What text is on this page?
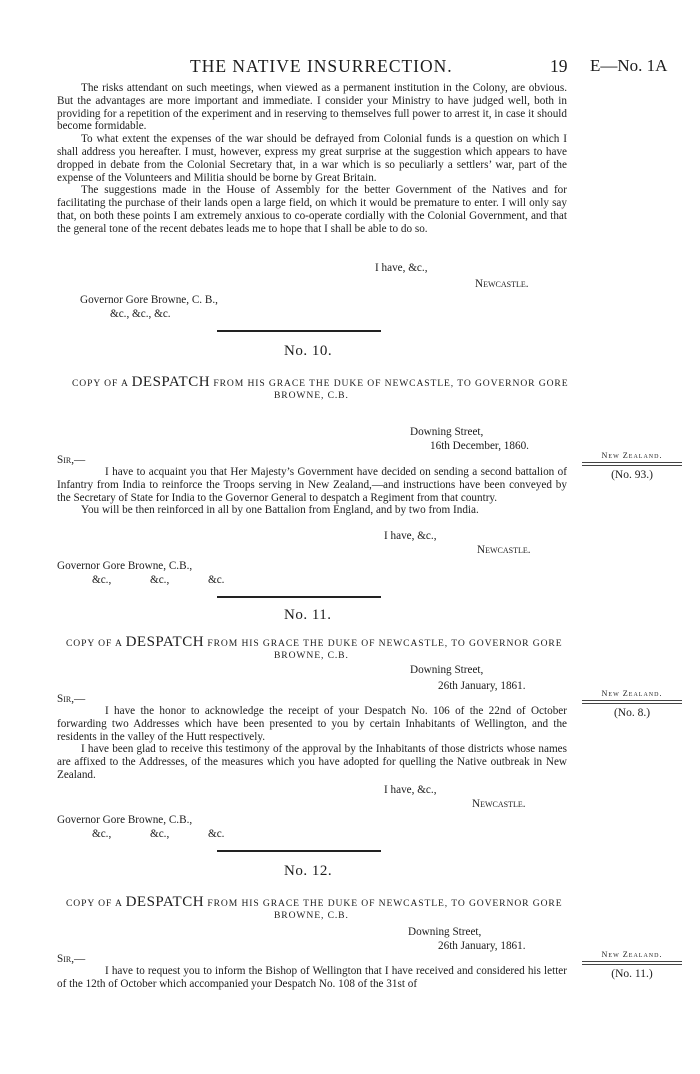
THE NATIVE INSURRECTION.	19 E—No. 1A

The risks attendant on such meetings, when viewed as a permanent institution in the Colony, are obvious. But the advantages are more important and immediate. I consider your Ministry to have judged well, both in providing for a repetition of the experiment and in reserving to themselves full power to arrest it, in case it should become formidable.

To what extent the expenses of the war should be defrayed from Colonial funds is a question on which I shall address you hereafter. I must, however, express my great surprise at the suggestion which appears to have dropped in debate from the Colonial Secretary that, in a war which is so peculiarly a settlers’ war, part of the expense of the Volunteers and Militia should be borne by Great Britain.

The suggestions made in the House of Assembly for the better Government of the Natives and for facilitating the purchase of their lands open a large field, on which it would be premature to enter. I will only say that, on both these points I am extremely anxious to co-operate cordially with the Colonial Government, and that the general tone of the recent debates leads me to hope that I shall be able to do so.

I have, &c.,
Newcastle.
Governor Gore Browne, C. B.,
&c., &c., &c.
No. 10.
COPY OF A DESPATCH FROM HIS GRACE THE DUKE OF NEWCASTLE, TO GOVERNOR GORE
BROWNE, C.B.
Downing Street,
16th December, 1860.
Sir,—	New Zealand.
(No. 93.)

I have to acquaint you that Her Majesty’s Government have decided on sending a second battalion of Infantry from India to reinforce the Troops serving in New Zealand,—and instructions have been conveyed by the Secretary of State for India to the Governor General to despatch a Regiment from that country.

You will be then reinforced in all by one Battalion from England, and by two from India.

I have, &c.,
Newcastle.
Governor Gore Browne, C.B.,
&c.,	&c.,	&c.
No. 11.
COPY OF A DESPATCH FROM HIS GRACE THE DUKE OF NEWCASTLE, TO GOVERNOR GORE
BROWNE, C.B.
Downing Street,
26th January, 1861.
Sir,—	New Zealand.
(No. 8.)

I have the honor to acknowledge the receipt of your Despatch No. 106 of the 22nd of October forwarding two Addresses which have been presented to you by certain Inhabitants of Wellington, and the residents in the valley of the Hutt respectively.

I have been glad to receive this testimony of the approval by the Inhabitants of those districts whose names are affixed to the Addresses, of the measures which you have adopted for quelling the Native outbreak in New Zealand.

I have, &c.,
Newcastle.
Governor Gore Browne, C.B.,
&c.,	&c.,	&c.
No. 12.
COPY OF A DESPATCH FROM HIS GRACE THE DUKE OF NEWCASTLE, TO GOVERNOR GORE
BROWNE, C.B.
Downing Street,
26th January, 1861.
Sir,—	New Zealand.
(No. 11.)

I have to request you to inform the Bishop of Wellington that I have received and considered his letter of the 12th of October which accompanied your Despatch No. 108 of the 31st of
